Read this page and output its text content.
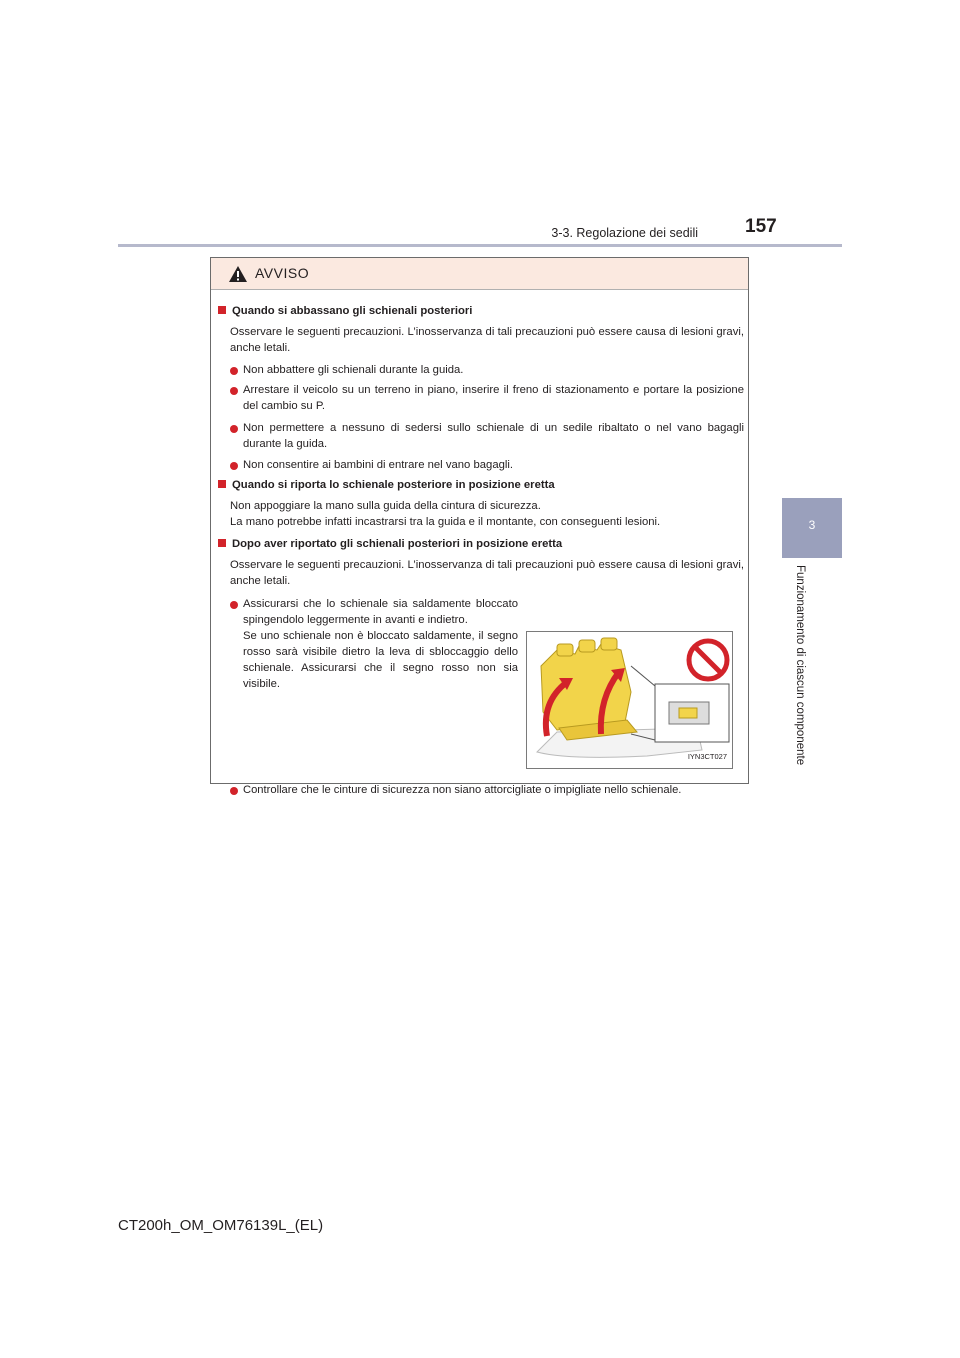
3-3. Regolazione dei sedili 157
3
Funzionamento di ciascun componente
AVVISO
Quando si abbassano gli schienali posteriori
Osservare le seguenti precauzioni. L’inosservanza di tali precauzioni può essere causa di lesioni gravi, anche letali.
Non abbattere gli schienali durante la guida.
Arrestare il veicolo su un terreno in piano, inserire il freno di stazionamento e portare la posizione del cambio su P.
Non permettere a nessuno di sedersi sullo schienale di un sedile ribaltato o nel vano bagagli durante la guida.
Non consentire ai bambini di entrare nel vano bagagli.
Quando si riporta lo schienale posteriore in posizione eretta
Non appoggiare la mano sulla guida della cintura di sicurezza.
La mano potrebbe infatti incastrarsi tra la guida e il montante, con conseguenti lesioni.
Dopo aver riportato gli schienali posteriori in posizione eretta
Osservare le seguenti precauzioni. L’inosservanza di tali precauzioni può essere causa di lesioni gravi, anche letali.
Assicurarsi che lo schienale sia saldamente bloccato spingendolo leggermente in avanti e indietro.
Se uno schienale non è bloccato saldamente, il segno rosso sarà visibile dietro la leva di sbloccaggio dello schienale. Assicurarsi che il segno rosso non sia visibile.
IYN3CT027
Controllare che le cinture di sicurezza non siano attorcigliate o impigliate nello schienale.
CT200h_OM_OM76139L_(EL)
